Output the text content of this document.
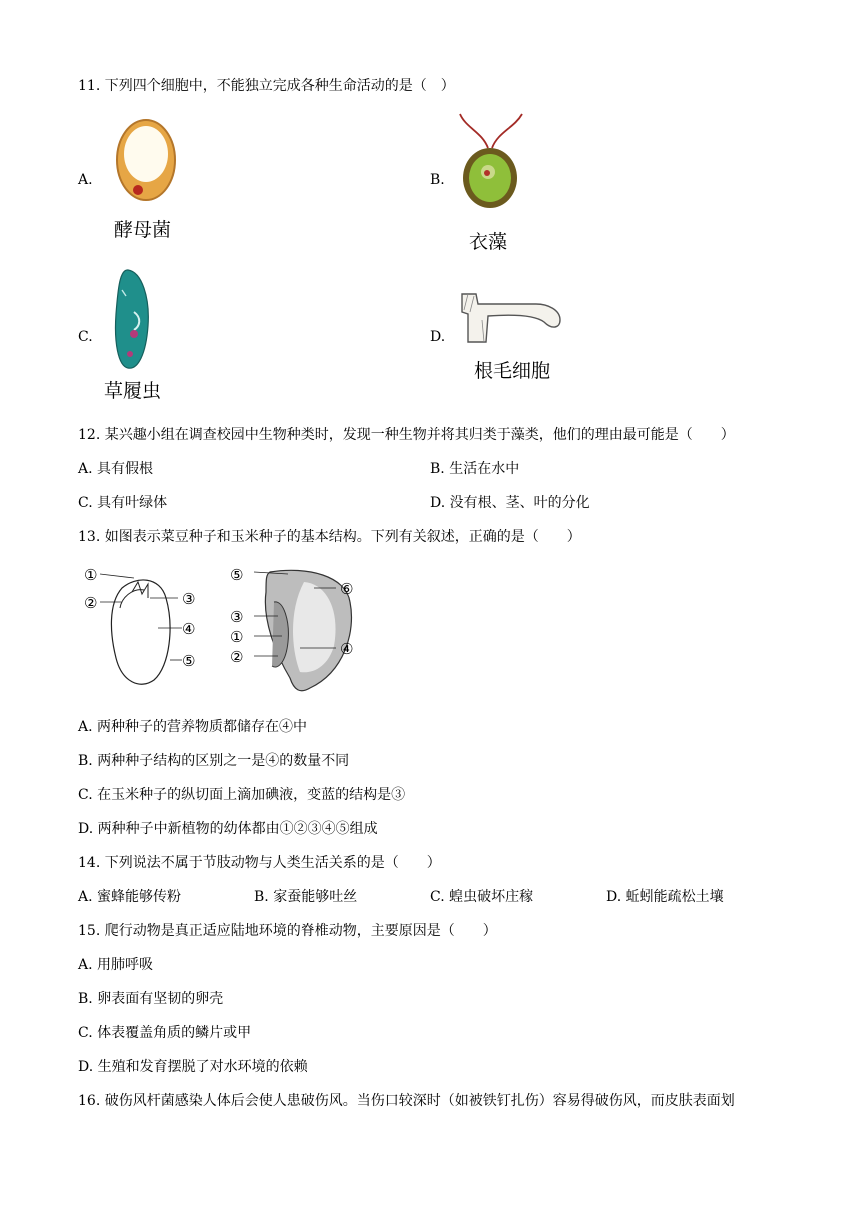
11. 下列四个细胞中，不能独立完成各种生命活动的是（　）
A.
酵母菌
B.
衣藻
C.
草履虫
D.
根毛细胞
12. 某兴趣小组在调查校园中生物种类时，发现一种生物并将其归类于藻类，他们的理由最可能是（　　）
A. 具有假根	B. 生活在水中
C. 具有叶绿体	D. 没有根、茎、叶的分化
13. 如图表示菜豆种子和玉米种子的基本结构。下列有关叙述，正确的是（　　）
①
②	③
④
⑤
⑤
⑥
③
①
②	④
A. 两种种子的营养物质都储存在④中
B. 两种种子结构的区别之一是④的数量不同
C. 在玉米种子的纵切面上滴加碘液，变蓝的结构是③
D. 两种种子中新植物的幼体都由①②③④⑤组成
14. 下列说法不属于节肢动物与人类生活关系的是（　　）
A. 蜜蜂能够传粉	B. 家蚕能够吐丝	C. 蝗虫破坏庄稼	D. 蚯蚓能疏松土壤
15. 爬行动物是真正适应陆地环境的脊椎动物，主要原因是（　　）
A. 用肺呼吸
B. 卵表面有坚韧的卵壳
C. 体表覆盖角质的鳞片或甲
D. 生殖和发育摆脱了对水环境的依赖
16. 破伤风杆菌感染人体后会使人患破伤风。当伤口较深时（如被铁钉扎伤）容易得破伤风，而皮肤表面划
